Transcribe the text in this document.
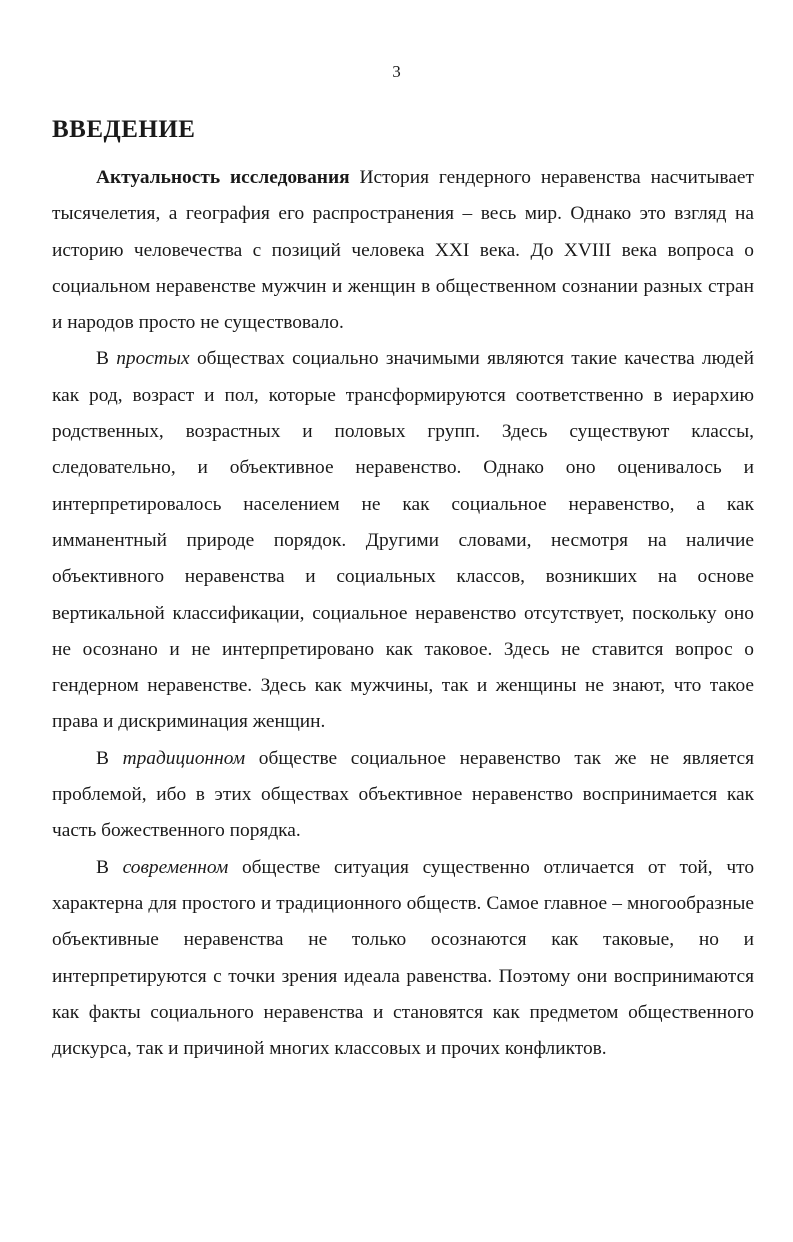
3
ВВЕДЕНИЕ

Актуальность исследования История гендерного неравенства насчитывает тысячелетия, а география его распространения – весь мир. Однако это взгляд на историю человечества с позиций человека XXI века. До XVIII века вопроса о социальном неравенстве мужчин и женщин в общественном сознании разных стран и народов просто не существовало.

В простых обществах социально значимыми являются такие качества людей как род, возраст и пол, которые трансформируются соответственно в иерархию родственных, возрастных и половых групп. Здесь существуют классы, следовательно, и объективное неравенство. Однако оно оценивалось и интерпретировалось населением не как социальное неравенство, а как имманентный природе порядок. Другими словами, несмотря на наличие объективного неравенства и социальных классов, возникших на основе вертикальной классификации, социальное неравенство отсутствует, поскольку оно не осознано и не интерпретировано как таковое. Здесь не ставится вопрос о гендерном неравенстве. Здесь как мужчины, так и женщины не знают, что такое права и дискриминация женщин.

В традиционном обществе социальное неравенство так же не является проблемой, ибо в этих обществах объективное неравенство воспринимается как часть божественного порядка.

В современном обществе ситуация существенно отличается от той, что характерна для простого и традиционного обществ. Самое главное – многообразные объективные неравенства не только осознаются как таковые, но и интерпретируются с точки зрения идеала равенства. Поэтому они воспринимаются как факты социального неравенства и становятся как предметом общественного дискурса, так и причиной многих классовых и прочих конфликтов.
